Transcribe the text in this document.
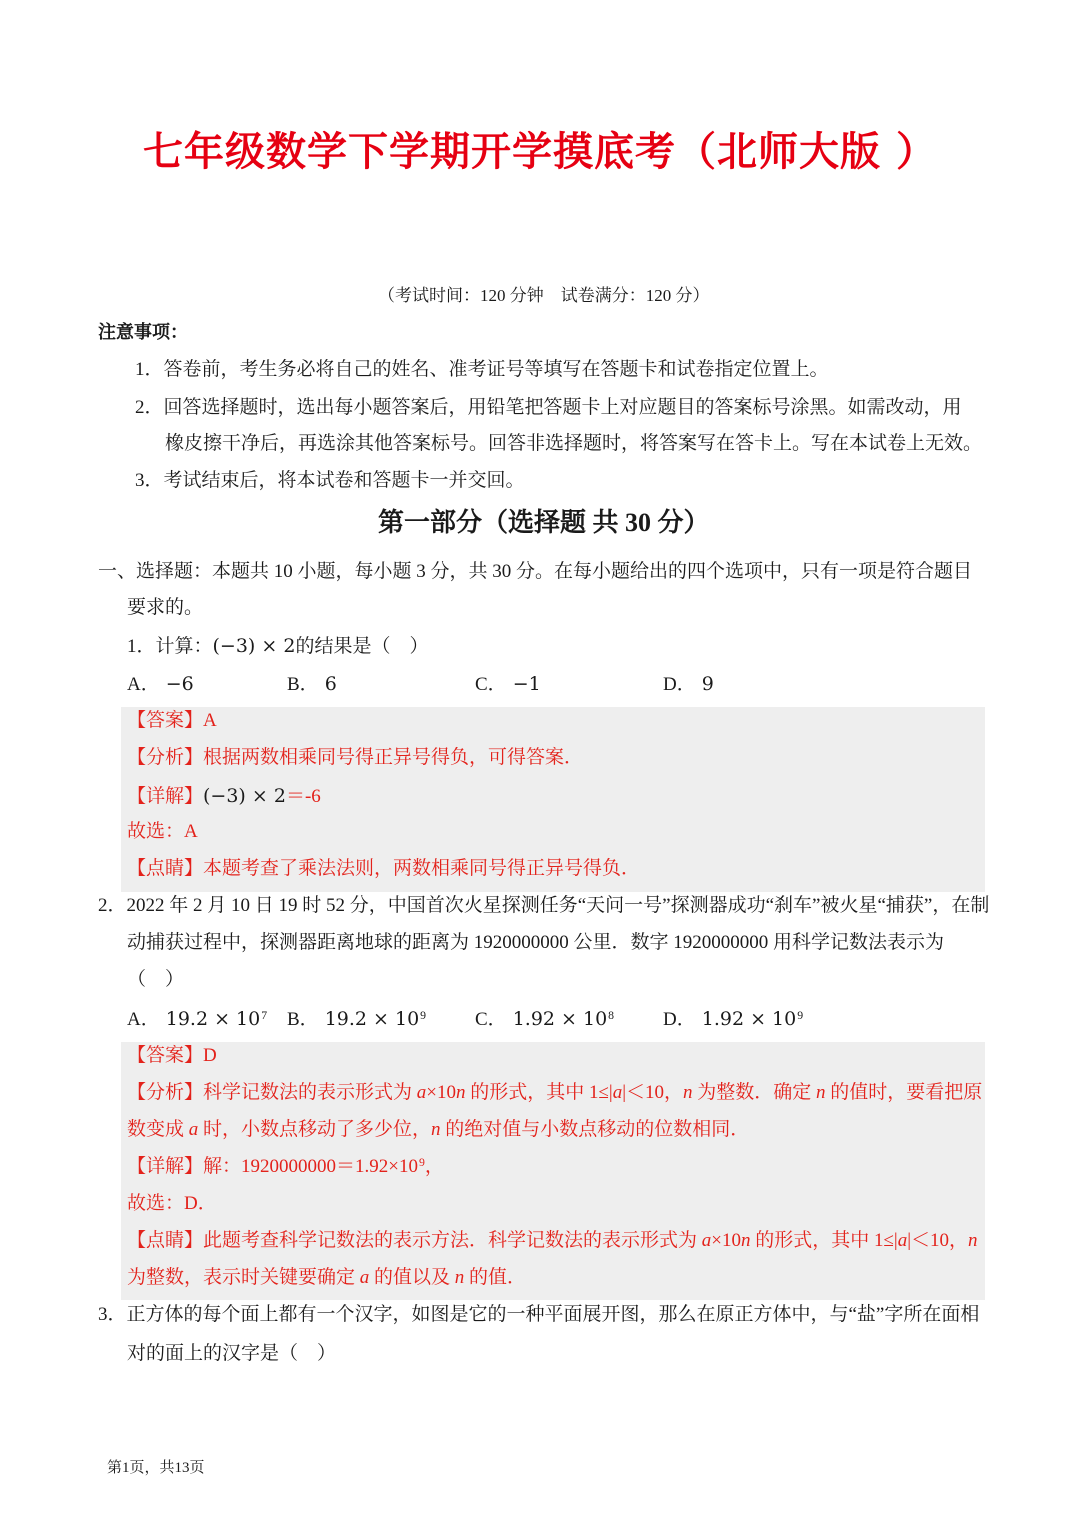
七年级数学下学期开学摸底考（北师大版 ）
（考试时间：120 分钟　试卷满分：120 分）
注意事项：
1．答卷前，考生务必将自己的姓名、准考证号等填写在答题卡和试卷指定位置上。
2．回答选择题时，选出每小题答案后，用铅笔把答题卡上对应题目的答案标号涂黑。如需改动，用
橡皮擦干净后，再选涂其他答案标号。回答非选择题时，将答案写在答卡上。写在本试卷上无效。
3．考试结束后，将本试卷和答题卡一并交回。
第一部分（选择题 共 30 分）
一、选择题：本题共 10 小题，每小题 3 分，共 30 分。在每小题给出的四个选项中，只有一项是符合题目
要求的。
1．计算：(−3) × 2的结果是（　）
A． −6	B． 6	C． −1	D． 9
【答案】A
【分析】根据两数相乘同号得正异号得负，可得答案．
【详解】(−3) × 2＝-6
故选：A
【点睛】本题考查了乘法法则，两数相乘同号得正异号得负．
2．2022 年 2 月 10 日 19 时 52 分，中国首次火星探测任务“天问一号”探测器成功“刹车”被火星“捕获”，在制
动捕获过程中，探测器距离地球的距离为 1920000000 公里．数字 1920000000 用科学记数法表示为
（　）
A． $19.2 \times 10^7$ B． $19.2 \times 10^9$	C． $1.92 \times 10^8$	D． $1.92 \times 10^9$
【答案】D
【分析】科学记数法的表示形式为 a×10n 的形式，其中 1≤|a|＜10，n 为整数．确定 n 的值时，要看把原
数变成 a 时，小数点移动了多少位，n 的绝对值与小数点移动的位数相同．
【详解】解：$1920000000=1.92\times 10^9$，
故选：D．
【点睛】此题考查科学记数法的表示方法．科学记数法的表示形式为 a×10n 的形式，其中 1≤|a|＜10，n
为整数，表示时关键要确定 a 的值以及 n 的值．
3．正方体的每个面上都有一个汉字，如图是它的一种平面展开图，那么在原正方体中，与“盐”字所在面相
对的面上的汉字是（　）
第1页，共13页
